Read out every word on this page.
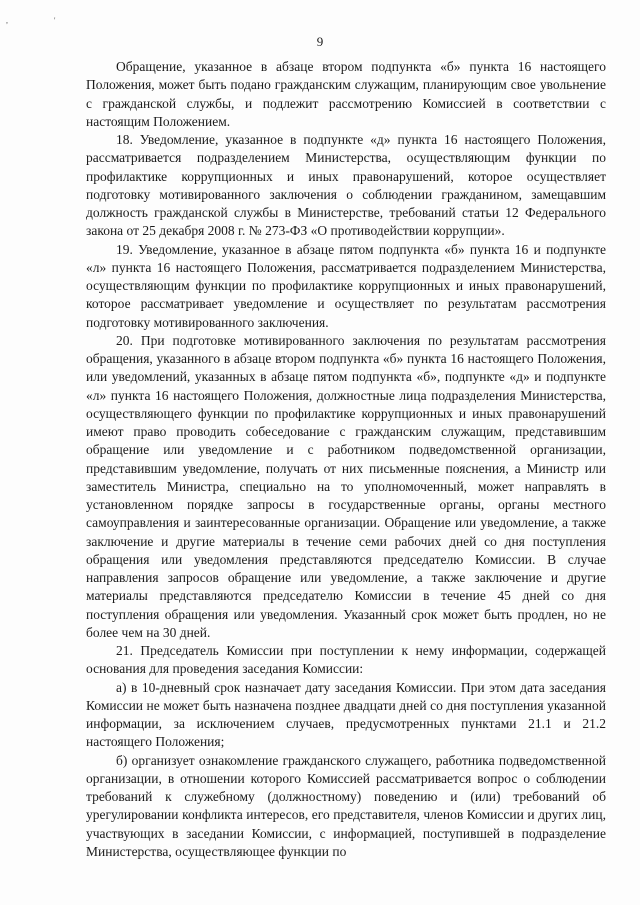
,	'
9

Обращение, указанное в абзаце втором подпункта «б» пункта 16 настоящего Положения, может быть подано гражданским служащим, планирующим свое увольнение с гражданской службы, и подлежит рассмотрению Комиссией в соответствии с настоящим Положением.

18. Уведомление, указанное в подпункте «д» пункта 16 настоящего Положения, рассматривается подразделением Министерства, осуществляющим функции по профилактике коррупционных и иных правонарушений, которое осуществляет подготовку мотивированного заключения о соблюдении гражданином, замещавшим должность гражданской службы в Министерстве, требований статьи 12 Федерального закона от 25 декабря 2008 г. № 273-ФЗ «О противодействии коррупции».

19. Уведомление, указанное в абзаце пятом подпункта «б» пункта 16 и подпункте «л» пункта 16 настоящего Положения, рассматривается подразделением Министерства, осуществляющим функции по профилактике коррупционных и иных правонарушений, которое рассматривает уведомление и осуществляет по результатам рассмотрения подготовку мотивированного заключения.

20. При подготовке мотивированного заключения по результатам рассмотрения обращения, указанного в абзаце втором подпункта «б» пункта 16 настоящего Положения, или уведомлений, указанных в абзаце пятом подпункта «б», подпункте «д» и подпункте «л» пункта 16 настоящего Положения, должностные лица подразделения Министерства, осуществляющего функции по профилактике коррупционных и иных правонарушений имеют право проводить собеседование с гражданским служащим, представившим обращение или уведомление и с работником подведомственной организации, представившим уведомление, получать от них письменные пояснения, а Министр или заместитель Министра, специально на то уполномоченный, может направлять в установленном порядке запросы в государственные органы, органы местного самоуправления и заинтересованные организации. Обращение или уведомление, а также заключение и другие материалы в течение семи рабочих дней со дня поступления обращения или уведомления представляются председателю Комиссии. В случае направления запросов обращение или уведомление, а также заключение и другие материалы представляются председателю Комиссии в течение 45 дней со дня поступления обращения или уведомления. Указанный срок может быть продлен, но не более чем на 30 дней.

21. Председатель Комиссии при поступлении к нему информации, содержащей основания для проведения заседания Комиссии:

а) в 10-дневный срок назначает дату заседания Комиссии. При этом дата заседания Комиссии не может быть назначена позднее двадцати дней со дня поступления указанной информации, за исключением случаев, предусмотренных пунктами 21.1 и 21.2 настоящего Положения;

б) организует ознакомление гражданского служащего, работника подведомственной организации, в отношении которого Комиссией рассматривается вопрос о соблюдении требований к служебному (должностному) поведению и (или) требований об урегулировании конфликта интересов, его представителя, членов Комиссии и других лиц, участвующих в заседании Комиссии, с информацией, поступившей в подразделение Министерства, осуществляющее функции по
